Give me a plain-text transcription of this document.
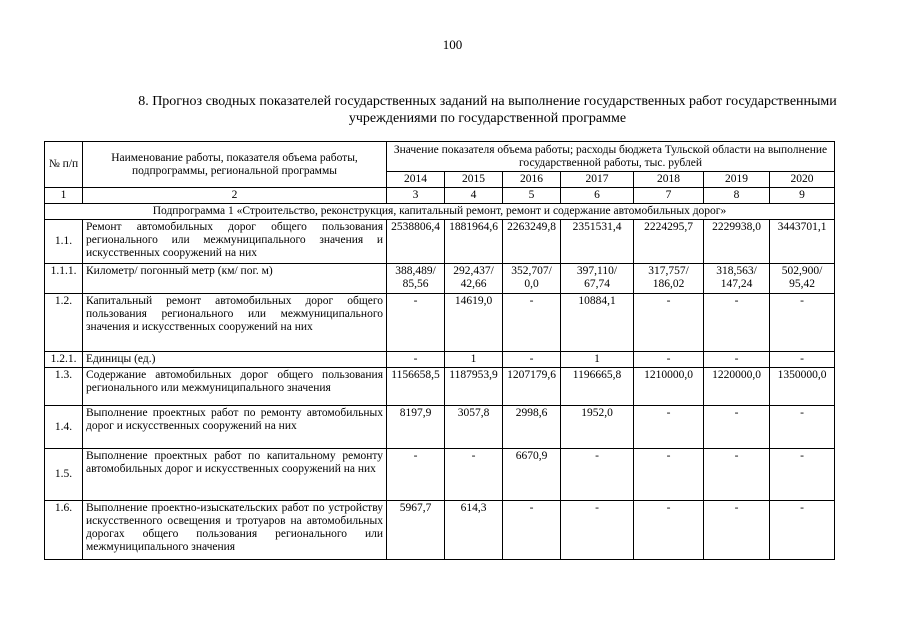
100
8. Прогноз сводных показателей государственных заданий на выполнение государственных работ государственными учреждениями по государственной программе
№ п/п	Наименование работы, показателя объема работы, подпрограммы, региональной программы	Значение показателя объема работы; расходы бюджета Тульской области на выполнение государственной работы, тыс. рублей						
		2014	2015	2016	2017	2018	2019	2020
1	2	3	4	5	6	7	8	9
Подпрограмма 1 «Строительство, реконструкция, капитальный ремонт, ремонт и содержание автомобильных дорог»								
1.1.	Ремонт автомобильных дорог общего пользования регионального или межмуниципального значения и искусственных сооружений на них	2538806,4	1881964,6	2263249,8	2351531,4	2224295,7	2229938,0	3443701,1
1.1.1.	Километр/ погонный метр (км/ пог. м)	388,489/ 85,56	292,437/ 42,66	352,707/ 0,0	397,110/ 67,74	317,757/ 186,02	318,563/ 147,24	502,900/ 95,42
1.2.	Капитальный ремонт автомобильных дорог общего пользования регионального или межмуниципального значения и искусственных сооружений на них	-	14619,0	-	10884,1	-	-	-
1.2.1.	Единицы (ед.)	-	1	-	1	-	-	-
1.3.	Содержание автомобильных дорог общего пользования регионального или межмуниципального значения	1156658,5	1187953,9	1207179,6	1196665,8	1210000,0	1220000,0	1350000,0
1.4.	Выполнение проектных работ по ремонту автомобильных дорог и искусственных сооружений на них	8197,9	3057,8	2998,6	1952,0	-	-	-
1.5.	Выполнение проектных работ по капитальному ремонту автомобильных дорог и искусственных сооружений на них	-	-	6670,9	-	-	-	-
1.6.	Выполнение проектно-изыскательских работ по устройству искусственного освещения и тротуаров на автомобильных дорогах общего пользования регионального или межмуниципального значения	5967,7	614,3	-	-	-	-	-
